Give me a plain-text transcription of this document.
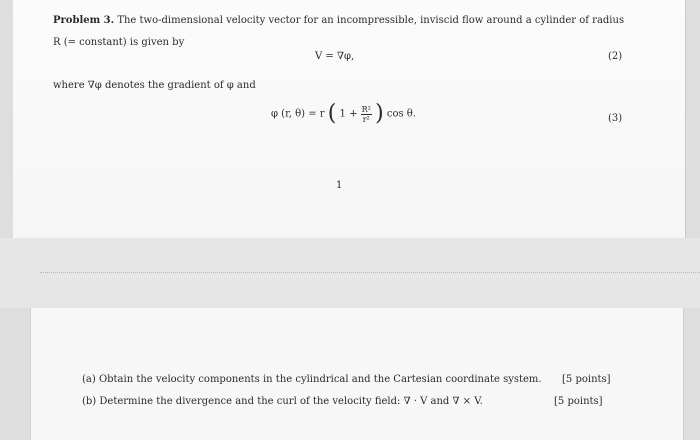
Problem 3. The two-dimensional velocity vector for an incompressible, inviscid flow around a cylinder of radius
R (= constant) is given by
V = ∇φ,	(2)
where ∇φ denotes the gradient of φ and
φ (r, θ) = r ( $1 + \frac{\text{R²}}{\text{r²}}$ ) cos θ.	(3)
1
(a) Obtain the velocity components in the cylindrical and the Cartesian coordinate system. [5 points]
(b) Determine the divergence and the curl of the velocity field: ∇ · V and ∇ × V.	[5 points]
